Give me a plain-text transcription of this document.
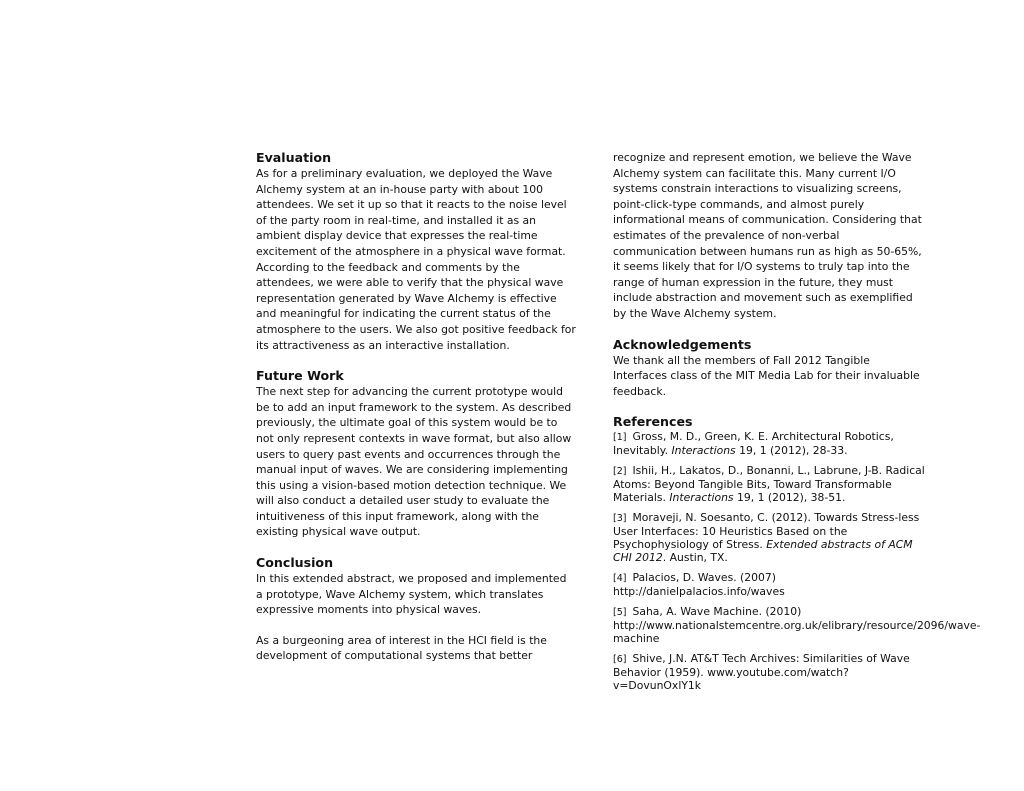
Evaluation

As for a preliminary evaluation, we deployed the Wave Alchemy system at an in-house party with about 100 attendees. We set it up so that it reacts to the noise level of the party room in real-time, and installed it as an ambient display device that expresses the real-time excitement of the atmosphere in a physical wave format. According to the feedback and comments by the attendees, we were able to verify that the physical wave representation generated by Wave Alchemy is effective and meaningful for indicating the current status of the atmosphere to the users. We also got positive feedback for its attractiveness as an interactive installation.

Future Work

The next step for advancing the current prototype would be to add an input framework to the system. As described previously, the ultimate goal of this system would be to not only represent contexts in wave format, but also allow users to query past events and occurrences through the manual input of waves. We are considering implementing this using a vision-based motion detection technique. We will also conduct a detailed user study to evaluate the intuitiveness of this input framework, along with the existing physical wave output.

Conclusion

In this extended abstract, we proposed and implemented a prototype, Wave Alchemy system, which translates expressive moments into physical waves.

As a burgeoning area of interest in the HCI field is the development of computational systems that better

recognize and represent emotion, we believe the Wave Alchemy system can facilitate this. Many current I/O systems constrain interactions to visualizing screens, point-click-type commands, and almost purely informational means of communication. Considering that estimates of the prevalence of non-verbal communication between humans run as high as 50-65%, it seems likely that for I/O systems to truly tap into the range of human expression in the future, they must include abstraction and movement such as exemplified by the Wave Alchemy system.

Acknowledgements

We thank all the members of Fall 2012 Tangible Interfaces class of the MIT Media Lab for their invaluable feedback.

References
[1] Gross, M. D., Green, K. E. Architectural Robotics, Inevitably. Interactions 19, 1 (2012), 28-33.
[2] Ishii, H., Lakatos, D., Bonanni, L., Labrune, J-B. Radical Atoms: Beyond Tangible Bits, Toward Transformable Materials. Interactions 19, 1 (2012), 38-51.
[3] Moraveji, N. Soesanto, C. (2012). Towards Stress-less User Interfaces: 10 Heuristics Based on the Psychophysiology of Stress. Extended abstracts of ACM CHI 2012. Austin, TX.
[4] Palacios, D. Waves. (2007) http://danielpalacios.info/waves
[5] Saha, A. Wave Machine. (2010) http://www.nationalstemcentre.org.uk/elibrary/resource/2096/wave-machine
[6] Shive, J.N. AT&T Tech Archives: Similarities of Wave Behavior (1959). www.youtube.com/watch?v=DovunOxlY1k
